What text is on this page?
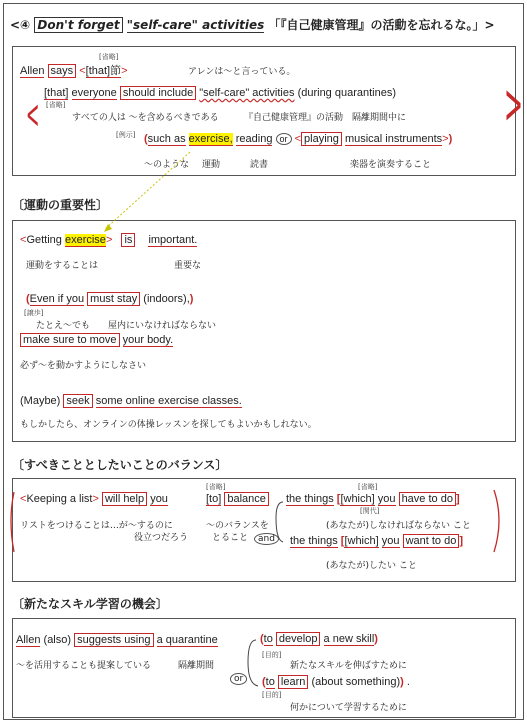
<④ Don't forget "self-care" activities 「『自己健康管理』の活動を忘れるな。」>
<	>
[省略]
Allen says <[that]節>	アレンは〜と言っている。
[that] everyone should include "self-care" activities (during quarantines)
[省略]
すべての人は 〜を含めるべきである	『自己健康管理』の活動 隔離期間中に
[例示] (such as exercise, reading or < playing musical instruments>)
〜のような 運動	読書	楽器を演奏すること
〔運動の重要性〕
<Getting exercise> is important.
運動をすることは	重要な
(Even if you must stay (indoors),)
[譲歩]
たとえ〜でも 屋内にいなければならない
make sure to move your body.
必ず〜を動かすようにしなさい
(Maybe) seek some online exercise classes.
もしかしたら、オンラインの体操レッスンを探してもよいかもしれない。
〔すべきこととしたいことのバランス〕
<Keeping a list> will help you
[省略]
[to] balance
リストをつけることは…が〜するのに
役立つだろう
〜のバランスを
とること	and
the things [[which] you have to do ]
[省略]
[関代]
(あなたが)しなければならない こと
the things [[which] you want to do ]
(あなたが)したい こと
〔新たなスキル学習の機会〕
Allen (also) suggests using a quarantine
〜を活用することも提案している	隔離期間
(to develop a new skill)
[目的]
新たなスキルを伸ばすために
or	(to learn (about something)) .
[目的]
何かについて学習するために
